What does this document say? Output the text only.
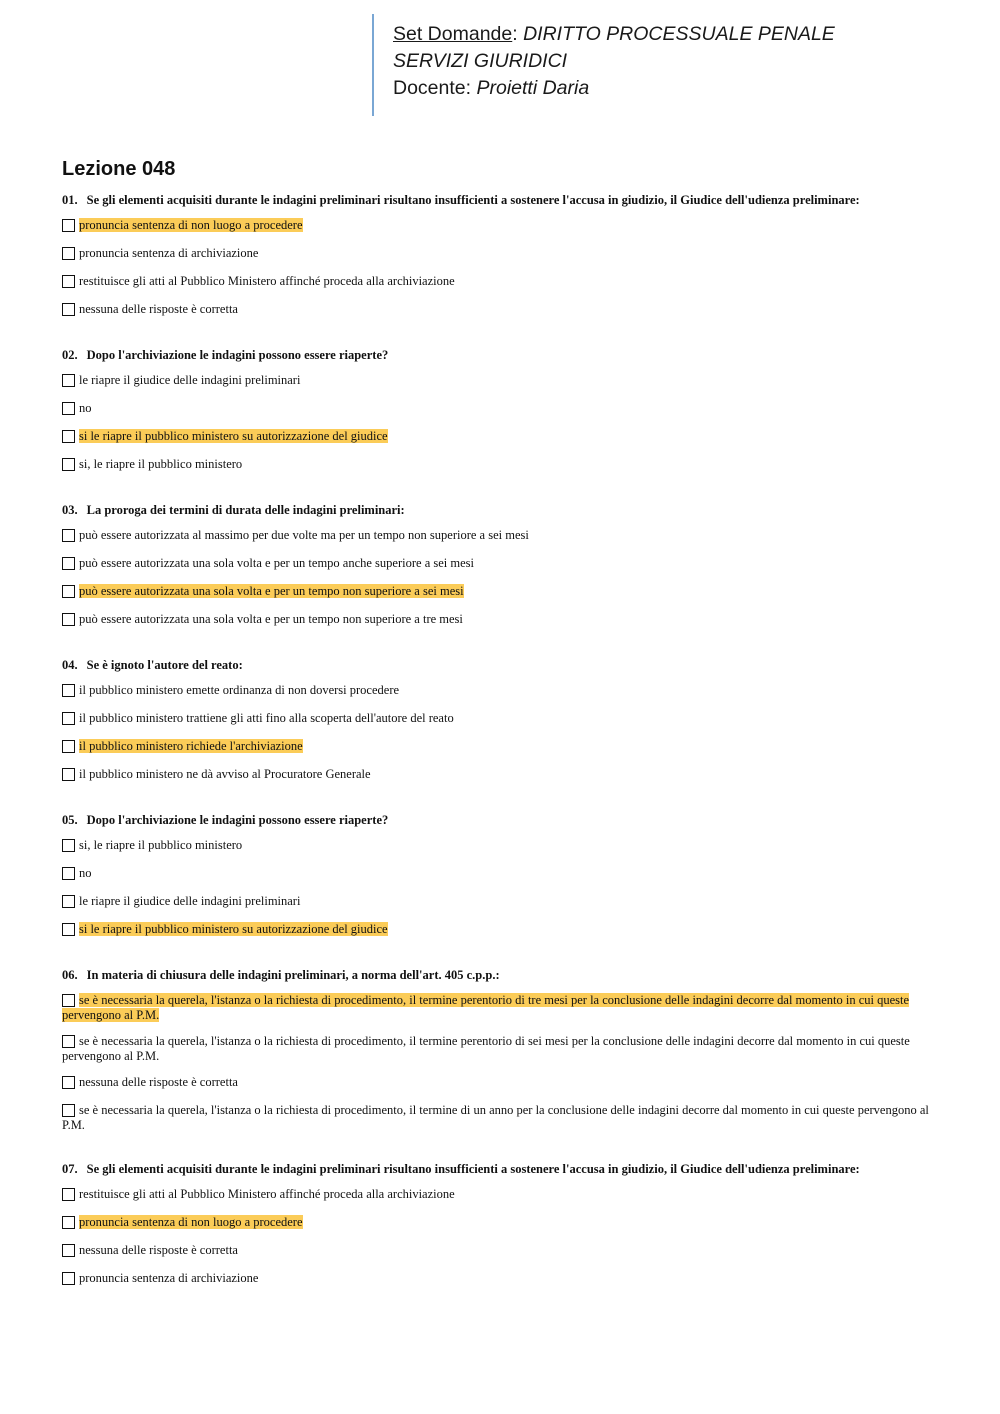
Set Domande: DIRITTO PROCESSUALE PENALE
SERVIZI GIURIDICI
Docente: Proietti Daria
Lezione 048
01. Se gli elementi acquisiti durante le indagini preliminari risultano insufficienti a sostenere l'accusa in giudizio, il Giudice dell'udienza preliminare:
pronuncia sentenza di non luogo a procedere
pronuncia sentenza di archiviazione
restituisce gli atti al Pubblico Ministero affinché proceda alla archiviazione
nessuna delle risposte è corretta
02. Dopo l'archiviazione le indagini possono essere riaperte?
le riapre il giudice delle indagini preliminari
no
si le riapre il pubblico ministero su autorizzazione del giudice
si, le riapre il pubblico ministero
03. La proroga dei termini di durata delle indagini preliminari:
può essere autorizzata al massimo per due volte ma per un tempo non superiore a sei mesi
può essere autorizzata una sola volta e per un tempo anche superiore a sei mesi
può essere autorizzata una sola volta e per un tempo non superiore a sei mesi
può essere autorizzata una sola volta e per un tempo non superiore a tre mesi
04. Se è ignoto l'autore del reato:
il pubblico ministero emette ordinanza di non doversi procedere
il pubblico ministero trattiene gli atti fino alla scoperta dell'autore del reato
il pubblico ministero richiede l'archiviazione
il pubblico ministero ne dà avviso al Procuratore Generale
05. Dopo l'archiviazione le indagini possono essere riaperte?
si, le riapre il pubblico ministero
no
le riapre il giudice delle indagini preliminari
si le riapre il pubblico ministero su autorizzazione del giudice
06. In materia di chiusura delle indagini preliminari, a norma dell'art. 405 c.p.p.:
se è necessaria la querela, l'istanza o la richiesta di procedimento, il termine perentorio di tre mesi per la conclusione delle indagini decorre dal momento in cui queste pervengono al P.M.
se è necessaria la querela, l'istanza o la richiesta di procedimento, il termine perentorio di sei mesi per la conclusione delle indagini decorre dal momento in cui queste pervengono al P.M.
nessuna delle risposte è corretta
se è necessaria la querela, l'istanza o la richiesta di procedimento, il termine di un anno per la conclusione delle indagini decorre dal momento in cui queste pervengono al P.M.
07. Se gli elementi acquisiti durante le indagini preliminari risultano insufficienti a sostenere l'accusa in giudizio, il Giudice dell'udienza preliminare:
restituisce gli atti al Pubblico Ministero affinché proceda alla archiviazione
pronuncia sentenza di non luogo a procedere
nessuna delle risposte è corretta
pronuncia sentenza di archiviazione
